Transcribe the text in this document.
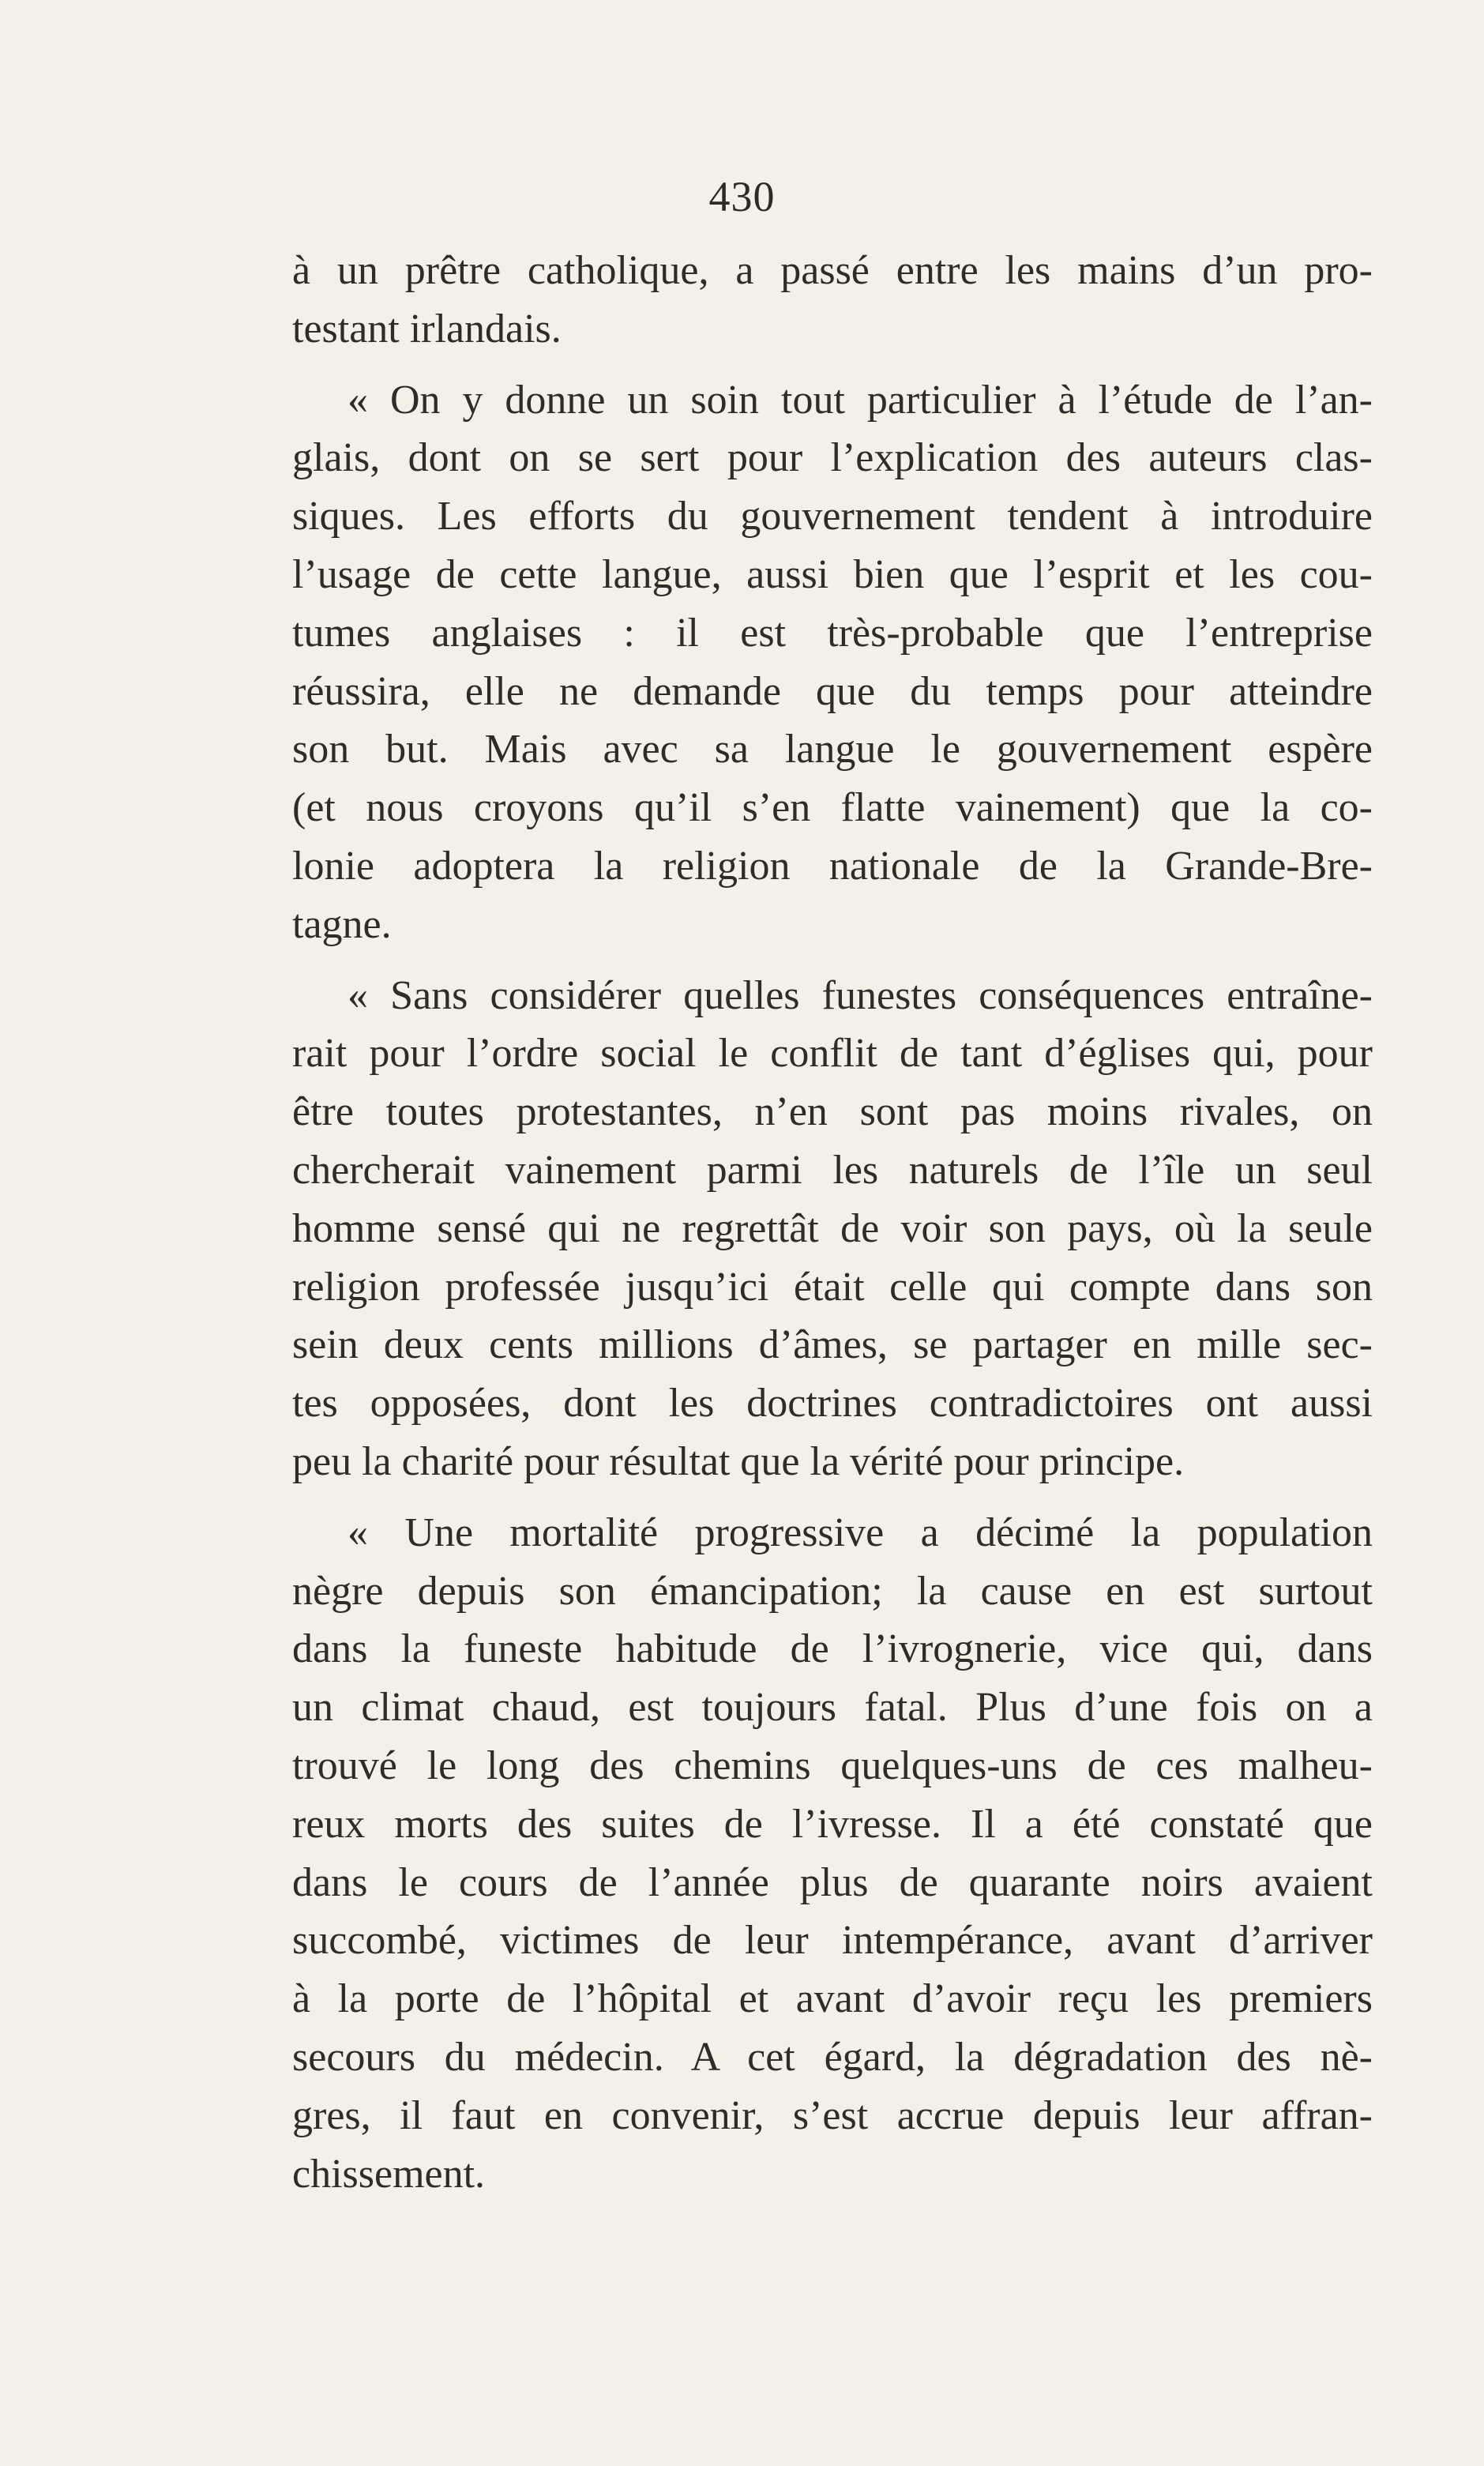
430
à un prêtre catholique, a passé entre les mains d’un pro-
testant irlandais.
« On y donne un soin tout particulier à l’étude de l’an-
glais, dont on se sert pour l’explication des auteurs clas-
siques. Les efforts du gouvernement tendent à introduire
l’usage de cette langue, aussi bien que l’esprit et les cou-
tumes anglaises : il est très-probable que l’entreprise
réussira, elle ne demande que du temps pour atteindre
son but. Mais avec sa langue le gouvernement espère
(et nous croyons qu’il s’en flatte vainement) que la co-
lonie adoptera la religion nationale de la Grande-Bre-
tagne.
« Sans considérer quelles funestes conséquences entraîne-
rait pour l’ordre social le conflit de tant d’églises qui, pour
être toutes protestantes, n’en sont pas moins rivales, on
chercherait vainement parmi les naturels de l’île un seul
homme sensé qui ne regrettât de voir son pays, où la seule
religion professée jusqu’ici était celle qui compte dans son
sein deux cents millions d’âmes, se partager en mille sec-
tes opposées, dont les doctrines contradictoires ont aussi
peu la charité pour résultat que la vérité pour principe.
« Une mortalité progressive a décimé la population
nègre depuis son émancipation; la cause en est surtout
dans la funeste habitude de l’ivrognerie, vice qui, dans
un climat chaud, est toujours fatal. Plus d’une fois on a
trouvé le long des chemins quelques-uns de ces malheu-
reux morts des suites de l’ivresse. Il a été constaté que
dans le cours de l’année plus de quarante noirs avaient
succombé, victimes de leur intempérance, avant d’arriver
à la porte de l’hôpital et avant d’avoir reçu les premiers
secours du médecin. A cet égard, la dégradation des nè-
gres, il faut en convenir, s’est accrue depuis leur affran-
chissement.
